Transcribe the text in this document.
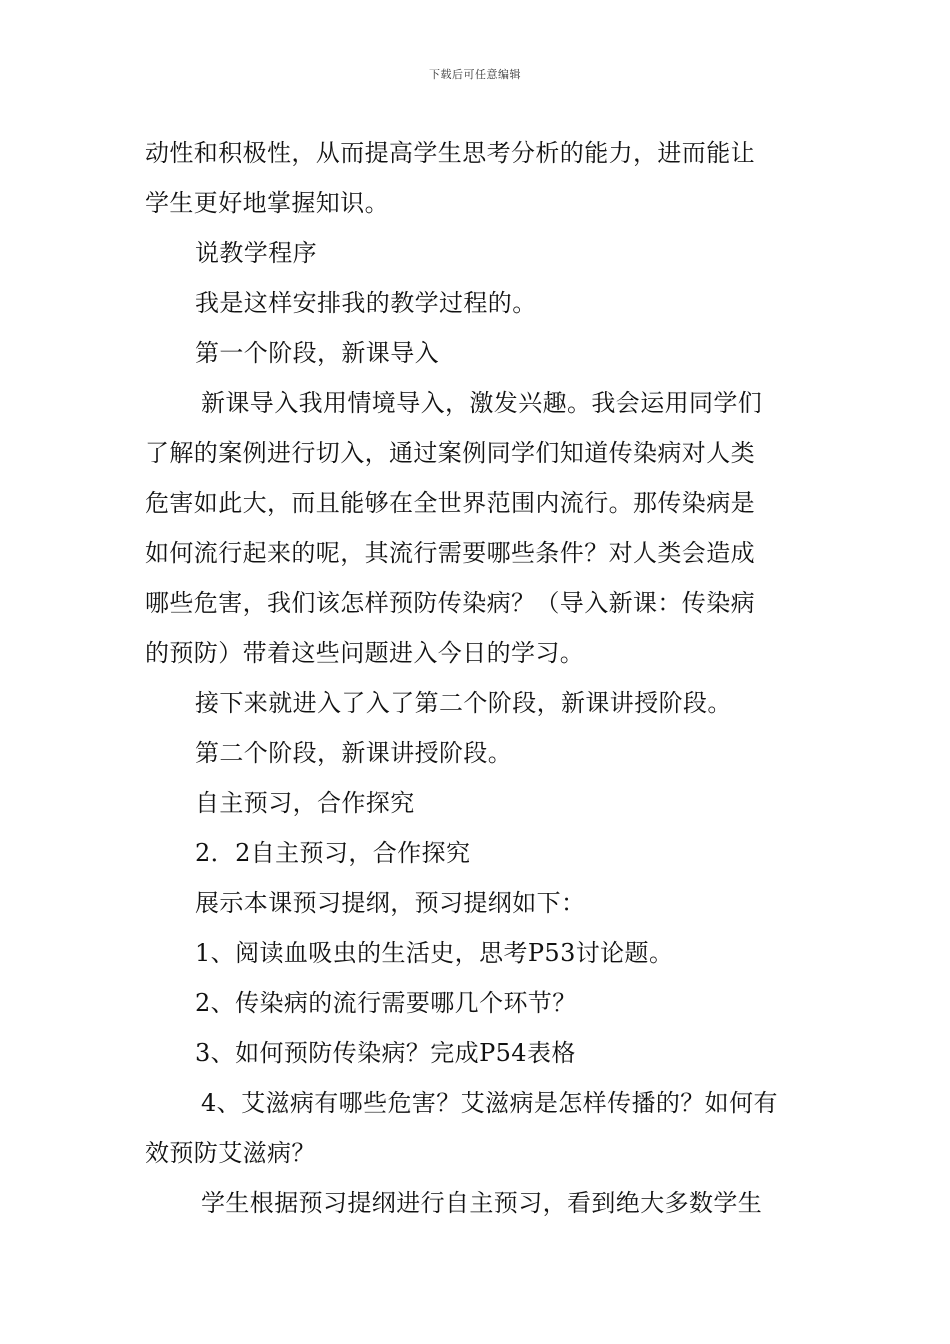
下载后可任意编辑
动性和积极性，从而提高学生思考分析的能力，进而能让
学生更好地掌握知识。
说教学程序
我是这样安排我的教学过程的。
第一个阶段，新课导入
新课导入我用情境导入，激发兴趣。我会运用同学们
了解的案例进行切入，通过案例同学们知道传染病对人类
危害如此大，而且能够在全世界范围内流行。那传染病是
如何流行起来的呢，其流行需要哪些条件？对人类会造成
哪些危害，我们该怎样预防传染病？（导入新课：传染病
的预防）带着这些问题进入今日的学习。
接下来就进入了入了第二个阶段，新课讲授阶段。
第二个阶段，新课讲授阶段。
自主预习，合作探究
2．2自主预习，合作探究
展示本课预习提纲，预习提纲如下：
1、阅读血吸虫的生活史，思考P53讨论题。
2、传染病的流行需要哪几个环节？
3、如何预防传染病？完成P54表格
4、艾滋病有哪些危害？艾滋病是怎样传播的？如何有
效预防艾滋病？
学生根据预习提纲进行自主预习，看到绝大多数学生
